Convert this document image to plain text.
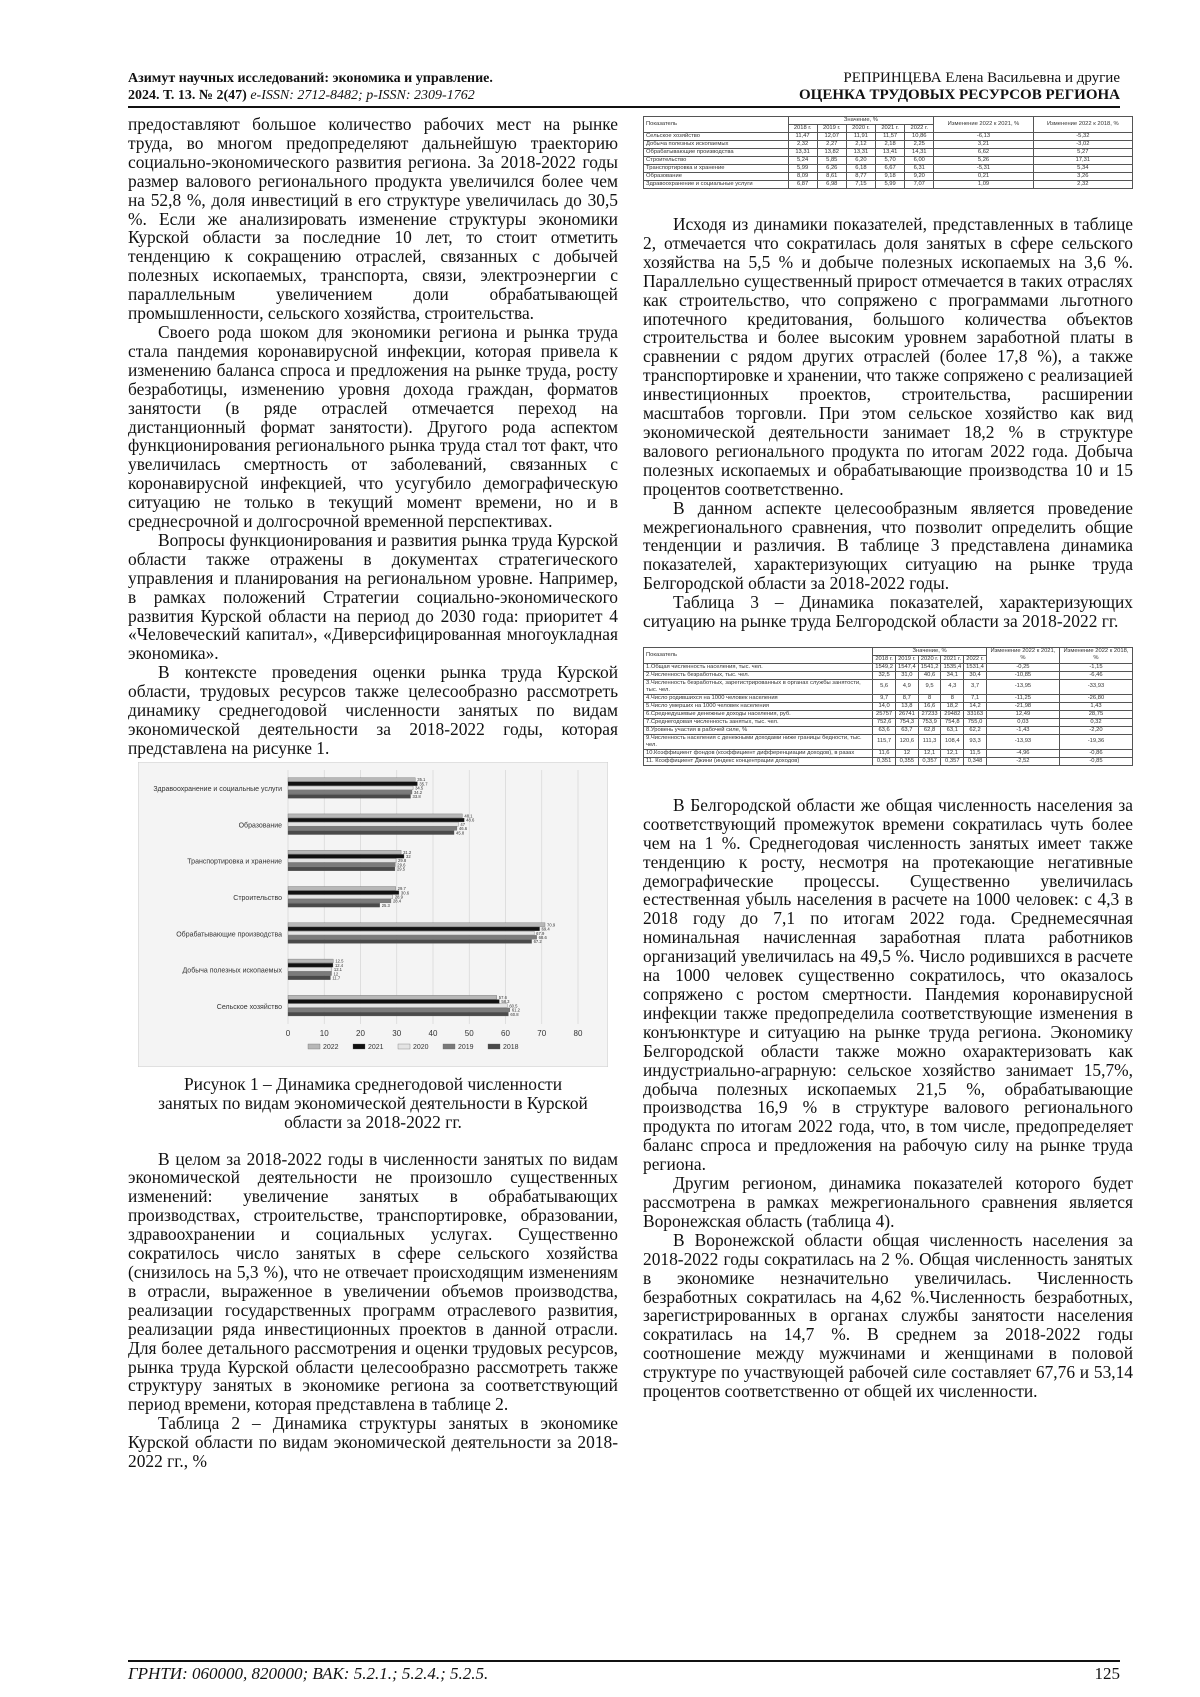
Азимут научных исследований: экономика и управление.
2024. Т. 13. № 2(47) e-ISSN: 2712-8482; p-ISSN: 2309-1762
РЕПРИНЦЕВА Елена Васильевна и другие
ОЦЕНКА ТРУДОВЫХ РЕСУРСОВ РЕГИОНА

предоставляют большое количество рабочих мест на рынке труда, во многом предопределяют дальнейшую траекторию социально-экономического развития региона. За 2018-2022 годы размер валового регионального продукта увеличился более чем на 52,8 %, доля инвестиций в его структуре увеличилась до 30,5 %. Если же анализировать изменение структуры экономики Курской области за последние 10 лет, то стоит отметить тенденцию к сокращению отраслей, связанных с добычей полезных ископаемых, транспорта, связи, электроэнергии с параллельным увеличением доли обрабатывающей промышленности, сельского хозяйства, строительства.

Своего рода шоком для экономики региона и рынка труда стала пандемия коронавирусной инфекции, которая привела к изменению баланса спроса и предложения на рынке труда, росту безработицы, изменению уровня дохода граждан, форматов занятости (в ряде отраслей отмечается переход на дистанционный формат занятости). Другого рода аспектом функционирования регионального рынка труда стал тот факт, что увеличилась смертность от заболеваний, связанных с коронавирусной инфекцией, что усугубило демографическую ситуацию не только в текущий момент времени, но и в среднесрочной и долгосрочной временной перспективах.

Вопросы функционирования и развития рынка труда Курской области также отражены в документах стратегического управления и планирования на региональном уровне. Например, в рамках положений Стратегии социально-экономического развития Курской области на период до 2030 года: приоритет 4 «Человеческий капитал», «Диверсифицированная многоукладная экономика».

В контексте проведения оценки рынка труда Курской области, трудовых ресурсов также целесообразно рассмотреть динамику среднегодовой численности занятых по видам экономической деятельности за 2018-2022 годы, которая представлена на рисунке 1.

0	10	20	30	40	50	60	70	80
Здравоохранение и социальные услуги
35.1
35.7
34.5
34.2
33.8
Образование
48.1
48.6
47
46.6
45.8
Транспортировка и хранение
31.2
32
29.8
29.6
29.5
Строительство
29.7
30.6
28.9
28.4
25.3
Обрабатывающие производства
70.9
69.4
67.9
68.6
67.2
Добыча полезных ископаемых
12.5
12.4
12.1
12
11.7
Сельское хозяйство
57.6
58.3
60.5
61.2
60.8
2022	2021	2020	2019	2018

Рисунок 1 – Динамика среднегодовой численности занятых по видам экономической деятельности в Курской области за 2018-2022 гг.

В целом за 2018-2022 годы в численности занятых по видам экономической деятельности не произошло существенных изменений: увеличение занятых в обрабатывающих производствах, строительстве, транспортировке, образовании, здравоохранении и социальных услугах. Существенно сократилось число занятых в сфере сельского хозяйства (снизилось на 5,3 %), что не отвечает происходящим изменениям в отрасли, выраженное в увеличении объемов производства, реализации государственных программ отраслевого развития, реализации ряда инвестиционных проектов в данной отрасли. Для более детального рассмотрения и оценки трудовых ресурсов, рынка труда Курской области целесообразно рассмотреть также структуру занятых в экономике региона за соответствующий период времени, которая представлена в таблице 2.

Таблица 2 – Динамика структуры занятых в экономике Курской области по видам экономической деятельности за 2018-2022 гг., %

Показатель	Значение, %					Изменение 2022 к 2021, %	Изменение 2022 к 2018, %
	2018 г.	2019 г.	2020 г.	2021 г.	2022 г.		
Сельское хозяйство	11,47	12,07	11,91	11,57	10,86	-6,13	-5,32
Добыча полезных ископаемых	2,32	2,27	2,12	2,18	2,25	3,21	-3,02
Обрабатывающие производства	13,31	13,82	13,31	13,41	14,31	6,62	5,27
Строительство	5,24	5,85	6,20	5,70	6,00	5,26	17,31
Транспортировка и хранение	5,99	6,26	6,18	6,67	6,31	-5,31	5,34
Образование	8,09	8,61	8,77	9,18	9,20	0,21	3,26
Здравоохранение и социальные услуги	6,87	6,98	7,15	5,99	7,07	1,09	2,32

Исходя из динамики показателей, представленных в таблице 2, отмечается что сократилась доля занятых в сфере сельского хозяйства на 5,5 % и добыче полезных ископаемых на 3,6 %. Параллельно существенный прирост отмечается в таких отраслях как строительство, что сопряжено с программами льготного ипотечного кредитования, большого количества объектов строительства и более высоким уровнем заработной платы в сравнении с рядом других отраслей (более 17,8 %), а также транспортировке и хранении, что также сопряжено с реализацией инвестиционных проектов, строительства, расширении масштабов торговли. При этом сельское хозяйство как вид экономической деятельности занимает 18,2 % в структуре валового регионального продукта по итогам 2022 года. Добыча полезных ископаемых и обрабатывающие производства 10 и 15 процентов соответственно.

В данном аспекте целесообразным является проведение межрегионального сравнения, что позволит определить общие тенденции и различия. В таблице 3 представлена динамика показателей, характеризующих ситуацию на рынке труда Белгородской области за 2018-2022 годы.

Таблица 3 – Динамика показателей, характеризующих ситуацию на рынке труда Белгородской области за 2018-2022 гг.

Показатель	Значение, %					Изменение 2022 к 2021, %	Изменение 2022 к 2018, %
	2018 г.	2019 г.	2020 г.	2021 г.	2022 г.		
1.Общая численность населения, тыс. чел.	1549,2	1547,4	1541,2	1535,4	1531,4	-0,25	-1,15
2.Численность безработных, тыс. чел.	32,5	31,0	40,6	34,1	30,4	-10,85	-6,46
3.Численность безработных, зарегистрированных в органах службы занятости, тыс. чел.	5,6	4,9	9,5	4,3	3,7	-13,95	-33,93
4.Число родившихся на 1000 человек населения	9,7	8,7	8	8	7,1	-11,25	-26,80
5.Число умерших на 1000 человек населения	14,0	13,8	16,6	18,2	14,2	-21,98	1,43
6.Среднедушевые денежные доходы населения, руб.	25757	26741	27233	29482	33163	12,49	28,75
7.Среднегодовая численность занятых, тыс. чел.	752,6	754,3	753,9	754,8	755,0	0,03	0,32
8.Уровень участия в рабочей силе, %	63,6	63,7	62,8	63,1	62,2	-1,43	-2,20
9.Численность населения с денежными доходами ниже границы бедности, тыс. чел.	115,7	120,6	111,3	108,4	93,3	-13,93	-19,36
10.Коэффициент фондов (коэффициент дифференциации доходов), в разах	11,6	12	12,1	12,1	11,5	-4,96	-0,86
11. Коэффициент Джини (индекс концентрации доходов)	0,351	0,355	0,357	0,357	0,348	-2,52	-0,85

В Белгородской области же общая численность населения за соответствующий промежуток времени сократилась чуть более чем на 1 %. Среднегодовая численность занятых имеет также тенденцию к росту, несмотря на протекающие негативные демографические процессы. Существенно увеличилась естественная убыль населения в расчете на 1000 человек: с 4,3 в 2018 году до 7,1 по итогам 2022 года. Среднемесячная номинальная начисленная заработная плата работников организаций увеличилась на 49,5 %. Число родившихся в расчете на 1000 человек существенно сократилось, что оказалось сопряжено с ростом смертности. Пандемия коронавирусной инфекции также предопределила соответствующие изменения в конъюнктуре и ситуацию на рынке труда региона. Экономику Белгородской области также можно охарактеризовать как индустриально-аграрную: сельское хозяйство занимает 15,7%, добыча полезных ископаемых 21,5 %, обрабатывающие производства 16,9 % в структуре валового регионального продукта по итогам 2022 года, что, в том числе, предопределяет баланс спроса и предложения на рабочую силу на рынке труда региона.

Другим регионом, динамика показателей которого будет рассмотрена в рамках межрегионального сравнения является Воронежская область (таблица 4).

В Воронежской области общая численность населения за 2018-2022 годы сократилась на 2 %. Общая численность занятых в экономике незначительно увеличилась. Численность безработных сократилась на 4,62 %.Численность безработных, зарегистрированных в органах службы занятости населения сократилась на 14,7 %. В среднем за 2018-2022 годы соотношение между мужчинами и женщинами в половой структуре по участвующей рабочей силе составляет 67,76 и 53,14 процентов соответственно от общей их численности.

ГРНТИ: 060000, 820000; ВАК: 5.2.1.; 5.2.4.; 5.2.5.	125
